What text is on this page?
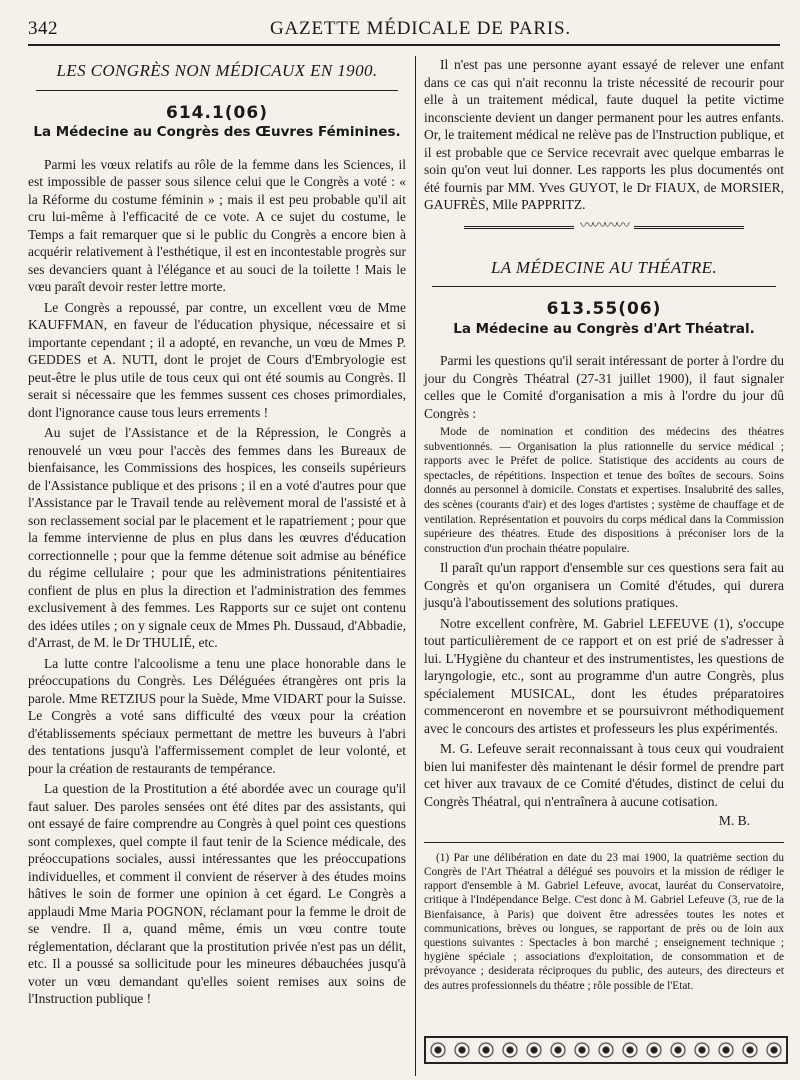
342	GAZETTE MÉDICALE DE PARIS.
LES CONGRÈS NON MÉDICAUX EN 1900.
614.1(06)
La Médecine au Congrès des Œuvres Féminines.

Parmi les vœux relatifs au rôle de la femme dans les Sciences, il est impossible de passer sous silence celui que le Congrès a voté : « la Réforme du costume féminin » ; mais il est peu probable qu'il ait cru lui-même à l'efficacité de ce vote. A ce sujet du costume, le Temps a fait remarquer que si le public du Congrès a encore bien à acquérir relativement à l'esthétique, il est en incontestable progrès sur ses devanciers quant à l'élégance et au souci de la toilette ! Mais le vœu paraît devoir rester lettre morte.

Le Congrès a repoussé, par contre, un excellent vœu de Mme KAUFFMAN, en faveur de l'éducation physique, nécessaire et si importante cependant ; il a adopté, en revanche, un vœu de Mmes P. GEDDES et A. NUTI, dont le projet de Cours d'Embryologie est peut-être le plus utile de tous ceux qui ont été soumis au Congrès. Il serait si nécessaire que les femmes sussent ces choses primordiales, dont l'ignorance cause tous leurs errements !

Au sujet de l'Assistance et de la Répression, le Congrès a renouvelé un vœu pour l'accès des femmes dans les Bureaux de bienfaisance, les Commissions des hospices, les conseils supérieurs de l'Assistance publique et des prisons ; il en a voté d'autres pour que l'Assistance par le Travail tende au relèvement moral de l'assisté et à son reclassement social par le placement et le rapatriement ; pour que la femme intervienne de plus en plus dans les œuvres d'éducation correctionnelle ; pour que la femme détenue soit admise au bénéfice du régime cellulaire ; pour que les administrations pénitentiaires confient de plus en plus la direction et l'administration des femmes exclusivement à des femmes. Les Rapports sur ce sujet ont contenu des idées utiles ; on y signale ceux de Mmes Ph. Dussaud, d'Abbadie, d'Arrast, de M. le Dr THULIÉ, etc.

La lutte contre l'alcoolisme a tenu une place honorable dans le préoccupations du Congrès. Les Déléguées étrangères ont pris la parole. Mme RETZIUS pour la Suède, Mme VIDART pour la Suisse. Le Congrès a voté sans difficulté des vœux pour la création d'établissements spéciaux permettant de mettre les buveurs à l'abri des tentations jusqu'à l'affermissement complet de leur volonté, et pour la création de restaurants de tempérance.

La question de la Prostitution a été abordée avec un courage qu'il faut saluer. Des paroles sensées ont été dites par des assistants, qui ont essayé de faire comprendre au Congrès à quel point ces questions sont complexes, quel compte il faut tenir de la Science médicale, des préoccupations sociales, aussi intéressantes que les préoccupations individuelles, et comment il convient de réserver à des études moins hâtives le soin de former une opinion à cet égard. Le Congrès a applaudi Mme Maria POGNON, réclamant pour la femme le droit de se vendre. Il a, quand même, émis un vœu contre toute réglementation, déclarant que la prostitution privée n'est pas un délit, etc. Il a poussé sa sollicitude pour les mineures débauchées jusqu'à voter un vœu demandant qu'elles soient remises aux soins de l'Instruction publique !

Il n'est pas une personne ayant essayé de relever une enfant dans ce cas qui n'ait reconnu la triste nécessité de recourir pour elle à un traitement médical, faute duquel la petite victime inconsciente devient un danger permanent pour les autres enfants. Or, le traitement médical ne relève pas de l'Instruction publique, et il est probable que ce Service recevrait avec quelque embarras le soin qu'on veut lui donner. Les rapports les plus documentés ont été fournis par MM. Yves GUYOT, le Dr FIAUX, de MORSIER, GAUFRÈS, Mlle PAPPRITZ.

〰〰〰〰
LA MÉDECINE AU THÉATRE.
613.55(06)
La Médecine au Congrès d'Art Théatral.

Parmi les questions qu'il serait intéressant de porter à l'ordre du jour du Congrès Théatral (27-31 juillet 1900), il faut signaler celles que le Comité d'organisation a mis à l'ordre du jour dû Congrès :

Mode de nomination et condition des médecins des théatres subventionnés. — Organisation la plus rationnelle du service médical ; rapports avec le Préfet de police. Statistique des accidents au cours de spectacles, de répétitions. Inspection et tenue des boîtes de secours. Soins donnés au personnel à domicile. Constats et expertises. Insalubrité des salles, des scènes (courants d'air) et des loges d'artistes ; système de chauffage et de ventilation. Représentation et pouvoirs du corps médical dans la Commission supérieure des théatres. Etude des dispositions à préconiser lors de la construction d'un prochain théatre populaire.

Il paraît qu'un rapport d'ensemble sur ces questions sera fait au Congrès et qu'on organisera un Comité d'études, qui durera jusqu'à l'aboutissement des solutions pratiques.

Notre excellent confrère, M. Gabriel LEFEUVE (1), s'occupe tout particulièrement de ce rapport et on est prié de s'adresser à lui. L'Hygiène du chanteur et des instrumentistes, les questions de laryngologie, etc., sont au programme d'un autre Congrès, plus spécialement MUSICAL, dont les études préparatoires commenceront en novembre et se poursuivront méthodiquement avec le concours des artistes et professeurs les plus expérimentés.

M. G. Lefeuve serait reconnaissant à tous ceux qui voudraient bien lui manifester dès maintenant le désir formel de prendre part cet hiver aux travaux de ce Comité d'études, distinct de celui du Congrès Théatral, qui n'entraînera à aucune cotisation.

M. B.

(1) Par une délibération en date du 23 mai 1900, la quatrième section du Congrès de l'Art Théatral a délégué ses pouvoirs et la mission de rédiger le rapport d'ensemble à M. Gabriel Lefeuve, avocat, lauréat du Conservatoire, critique à l'Indépendance Belge. C'est donc à M. Gabriel Lefeuve (3, rue de la Bienfaisance, à Paris) que doivent être adressées toutes les notes et communications, brèves ou longues, se rapportant de près ou de loin aux questions suivantes : Spectacles à bon marché ; enseignement technique ; hygiène spéciale ; associations d'exploitation, de consommation et de prévoyance ; desiderata réciproques du public, des auteurs, des directeurs et des autres professionnels du théatre ; rôle possible de l'Etat.
